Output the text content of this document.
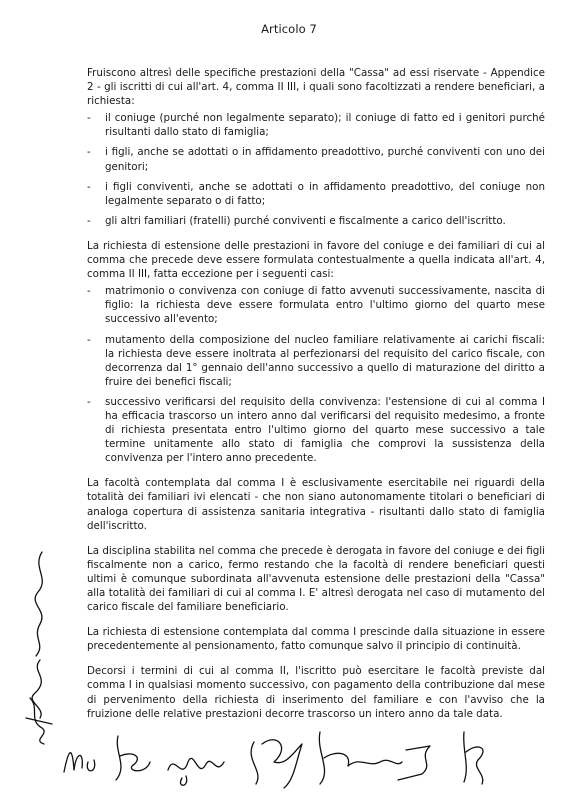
Articolo 7

Fruiscono altresì delle specifiche prestazioni della "Cassa" ad essi riservate - Appendice 2 - gli iscritti di cui all'art. 4, comma II III, i quali sono facoltizzati a rendere beneficiari, a richiesta:

- il coniuge (purché non legalmente separato); il coniuge di fatto ed i genitori purché risultanti dallo stato di famiglia;
- i figli, anche se adottati o in affidamento preadottivo, purché conviventi con uno dei genitori;
- i figli conviventi, anche se adottati o in affidamento preadottivo, del coniuge non legalmente separato o di fatto;
- gli altri familiari (fratelli) purché conviventi e fiscalmente a carico dell'iscritto.

La richiesta di estensione delle prestazioni in favore del coniuge e dei familiari di cui al comma che precede deve essere formulata contestualmente a quella indicata all'art. 4, comma II III, fatta eccezione per i seguenti casi:

- matrimonio o convivenza con coniuge di fatto avvenuti successivamente, nascita di figlio: la richiesta deve essere formulata entro l'ultimo giorno del quarto mese successivo all'evento;
- mutamento della composizione del nucleo familiare relativamente ai carichi fiscali: la richiesta deve essere inoltrata al perfezionarsi del requisito del carico fiscale, con decorrenza dal 1° gennaio dell'anno successivo a quello di maturazione del diritto a fruire dei benefici fiscali;
- successivo verificarsi del requisito della convivenza: l'estensione di cui al comma I ha efficacia trascorso un intero anno dal verificarsi del requisito medesimo, a fronte di richiesta presentata entro l'ultimo giorno del quarto mese successivo a tale termine unitamente allo stato di famiglia che comprovi la sussistenza della convivenza per l'intero anno precedente.

La facoltà contemplata dal comma I è esclusivamente esercitabile nei riguardi della totalità dei familiari ivi elencati - che non siano autonomamente titolari o beneficiari di analoga copertura di assistenza sanitaria integrativa - risultanti dallo stato di famiglia dell'iscritto.

La disciplina stabilita nel comma che precede è derogata in favore del coniuge e dei figli fiscalmente non a carico, fermo restando che la facoltà di rendere beneficiari questi ultimi è comunque subordinata all'avvenuta estensione delle prestazioni della "Cassa" alla totalità dei familiari di cui al comma I. E' altresì derogata nel caso di mutamento del carico fiscale del familiare beneficiario.

La richiesta di estensione contemplata dal comma I prescinde dalla situazione in essere precedentemente al pensionamento, fatto comunque salvo il principio di continuità.

Decorsi i termini di cui al comma II, l'iscritto può esercitare le facoltà previste dal comma I in qualsiasi momento successivo, con pagamento della contribuzione dal mese di pervenimento della richiesta di inserimento del familiare e con l'avviso che la fruizione delle relative prestazioni decorre trascorso un intero anno da tale data.
